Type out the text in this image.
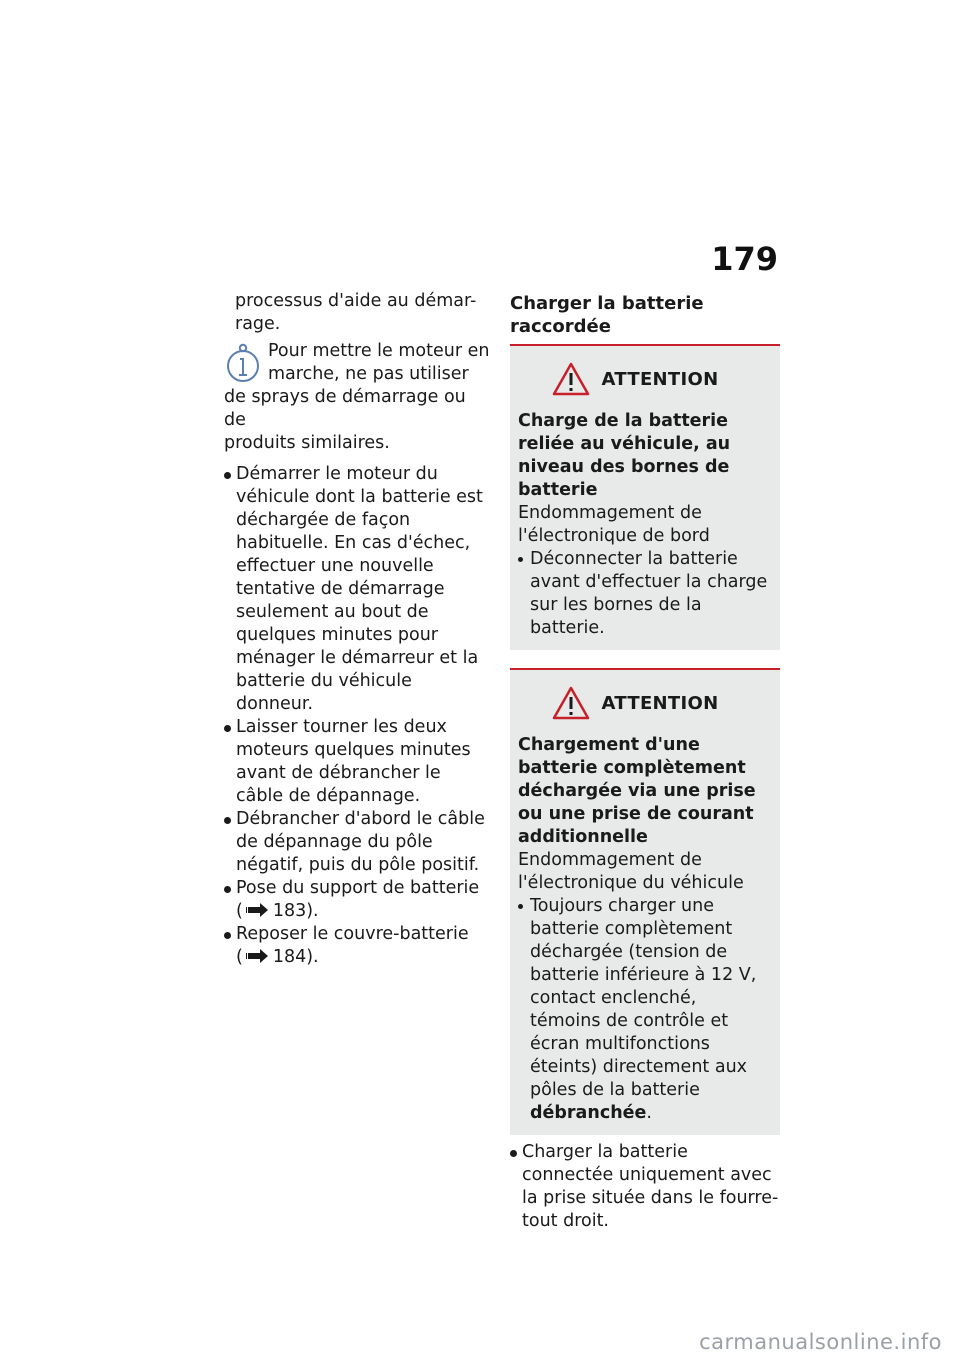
179

processus d'aide au démar-

rage.

Pour mettre le moteur en

marche, ne pas utiliser

de sprays de démarrage ou de

produits similaires.

Démarrer le moteur du véhicule dont la batterie est déchargée de façon habituelle. En cas d'échec, effectuer une nouvelle tentative de démarrage seulement au bout de quelques minutes pour ménager le démarreur et la batterie du véhicule donneur.
Laisser tourner les deux moteurs quelques minutes avant de débrancher le câble de dépannage.
Débrancher d'abord le câble de dépannage du pôle négatif, puis du pôle positif.
Pose du support de batterie
( 183).
Reposer le couvre-batterie
( 184).
Charger la batterie raccordée
ATTENTION

Charge de la batterie reliée au véhicule, au niveau des bornes de batterie

Endommagement de l'électronique de bord

Déconnecter la batterie avant d'effectuer la charge sur les bornes de la batterie.
ATTENTION

Chargement d'une batterie complètement déchargée via une prise ou une prise de courant additionnelle

Endommagement de l'électronique du véhicule

Toujours charger une batterie complètement déchargée (tension de batterie inférieure à 12 V, contact enclenché, témoins de contrôle et écran multifonctions éteints) directement aux pôles de la batterie débranchée.
Charger la batterie connectée uniquement avec la prise située dans le fourre-tout droit.
carmanualsonline.info
